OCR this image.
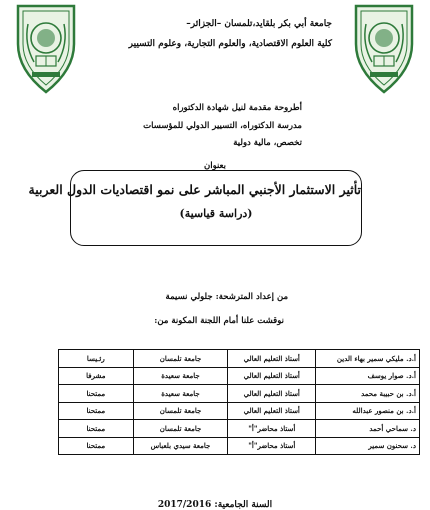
جامعة أبي بكر بلقايد،تلمسان –الجزائر–
كلية العلوم الاقتصادية، والعلوم التجارية، وعلوم التسيير
أطروحة مقدمة لنيل شهادة الدكتوراه
مدرسة الدكتوراه، التسيير الدولي للمؤسسات
تخصص، مالية دولية
بعنوان
تأثير الاستثمار الأجنبي المباشر على نمو اقتصاديات الدول العربية
(دراسة قياسية)
من إعداد المترشحة: جلولي نسيمة
نوقشت علنا أمام اللجنة المكونة من:
أ.د. مليكي سمير بهاء الدين	أستاذ التعليم العالي	جامعة تلمسان	رئـيسا
أ.د. صوار يوسف	أستاذ التعليم العالي	جامعة سعيدة	مشرفا
أ.د. بن حبيبة محمد	أستاذ التعليم العالي	جامعة سعيدة	ممتحنا
أ.د. بن منصور عبدالله	أستاذ التعليم العالي	جامعة تلمسان	ممتحنا
د. سماحي أحمد	أستاذ محاضر"أ"	جامعة تلمسان	ممتحنا
د. سحنون سمير	أستاذ محاضر"أ"	جامعة سيدي بلعباس	ممتحنا
السنة الجامعية: 2017/2016
